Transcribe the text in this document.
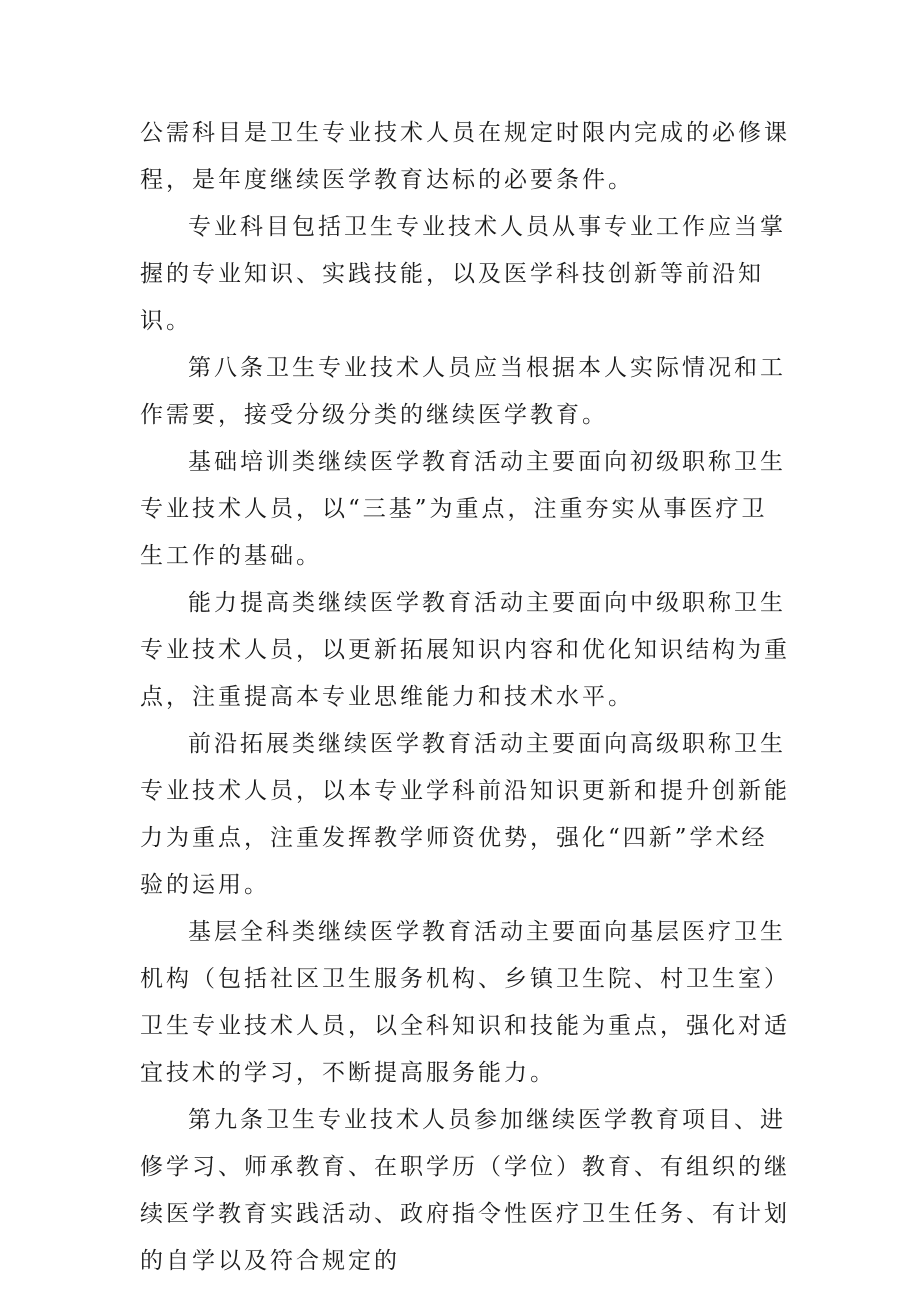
公需科目是卫生专业技术人员在规定时限内完成的必修课程，是年度继续医学教育达标的必要条件。

专业科目包括卫生专业技术人员从事专业工作应当掌握的专业知识、实践技能，以及医学科技创新等前沿知识。

第八条卫生专业技术人员应当根据本人实际情况和工作需要，接受分级分类的继续医学教育。

基础培训类继续医学教育活动主要面向初级职称卫生专业技术人员，以“三基”为重点，注重夯实从事医疗卫生工作的基础。

能力提高类继续医学教育活动主要面向中级职称卫生专业技术人员，以更新拓展知识内容和优化知识结构为重点，注重提高本专业思维能力和技术水平。

前沿拓展类继续医学教育活动主要面向高级职称卫生专业技术人员，以本专业学科前沿知识更新和提升创新能力为重点，注重发挥教学师资优势，强化“四新”学术经验的运用。

基层全科类继续医学教育活动主要面向基层医疗卫生机构（包括社区卫生服务机构、乡镇卫生院、村卫生室）卫生专业技术人员，以全科知识和技能为重点，强化对适宜技术的学习，不断提高服务能力。

第九条卫生专业技术人员参加继续医学教育项目、进修学习、师承教育、在职学历（学位）教育、有组织的继续医学教育实践活动、政府指令性医疗卫生任务、有计划的自学以及符合规定的
